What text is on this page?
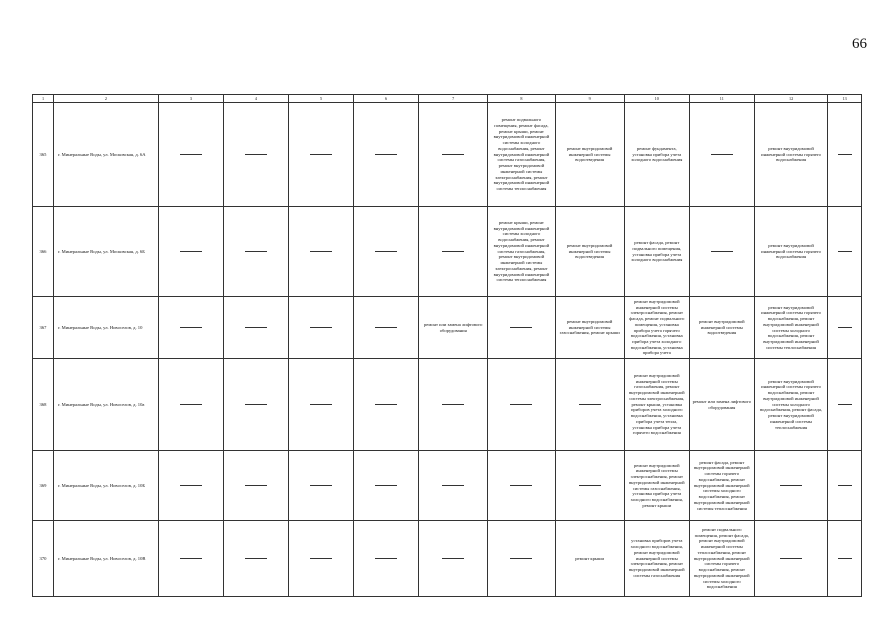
66
1	2	3	4	5	6	7	8	9	10	11	12	13
365	г. Минеральные Воды, ул. Московская, д. 6А						ремонт подвального помещения, ремонт фасада, ремонт крыши, ремонт внутридомовой инженерной системы холодного водоснабжения, ремонт внутридомовой инженерной системы газоснабжения, ремонт внутридомовой инженерной системы электроснабжения, ремонт внутридомовой инженерной системы теплоснабжения	ремонт внутридомовой инженерной системы водоотведения	ремонт фундамента, установка прибора учета холодного водоснабжения		ремонт внутридомовой инженерной системы горячего водоснабжения	
366	г. Минеральные Воды, ул. Московская, д. 6Б						ремонт крыши, ремонт внутридомовой инженерной системы холодного водоснабжения, ремонт внутридомовой инженерной системы газоснабжения, ремонт внутридомовой инженерной системы электроснабжения, ремонт внутридомовой инженерной системы теплоснабжения	ремонт внутридомовой инженерной системы водоотведения	ремонт фасада, ремонт подвального помещения, установка прибора учета холодного водоснабжения		ремонт внутридомовой инженерной системы горячего водоснабжения	
367	г. Минеральные Воды, ул. Новоселов, д. 10					ремонт или замена лифтового оборудования		ремонт внутридомовой инженерной системы газоснабжения, ремонт крыши	ремонт внутридомовой инженерной системы электроснабжения, ремонт фасада, ремонт подвального помещения, установка прибора учета горячего водоснабжения, установка прибора учета холодного водоснабжения, установка прибора учета	ремонт внутридомовой инженерной системы водоотведения	ремонт внутридомовой инженерной системы горячего водоснабжения, ремонт внутридомовой инженерной системы холодного водоснабжения, ремонт внутридомовой инженерной системы теплоснабжения	
368	г. Минеральные Воды, ул. Новоселов, д. 10а								ремонт внутридомовой инженерной системы газоснабжения, ремонт внутридомовой инженерной системы электроснабжения, ремонт крыши, установка приборов учета холодного водоснабжения, установка прибора учета тепла, установка прибора учета горячего водоснабжения	ремонт или замена лифтового оборудования	ремонт внутридомовой инженерной системы горячего водоснабжения, ремонт внутридомовой инженерной системы холодного водоснабжения, ремонт фасада, ремонт внутридомовой инженерной системы теплоснабжения	
369	г. Минеральные Воды, ул. Новоселов, д. 10Б								ремонт внутридомовой инженерной системы электроснабжения, ремонт внутридомовой инженерной системы газоснабжения, установка прибора учета холодного водоснабжения, ремонт крыши	ремонт фасада, ремонт внутридомовой инженерной системы горячего водоснабжения, ремонт внутридомовой инженерной системы холодного водоснабжения, ремонт внутридомовой инженерной системы теплоснабжения		
370	г. Минеральные Воды, ул. Новоселов, д. 10В							ремонт крыши	установка приборов учета холодного водоснабжения, ремонт внутридомовой инженерной системы электроснабжения, ремонт внутридомовой инженерной системы газоснабжения	ремонт подвального помещения, ремонт фасада, ремонт внутридомовой инженерной системы теплоснабжения, ремонт внутридомовой инженерной системы горячего водоснабжения, ремонт внутридомовой инженерной системы холодного водоснабжения		
